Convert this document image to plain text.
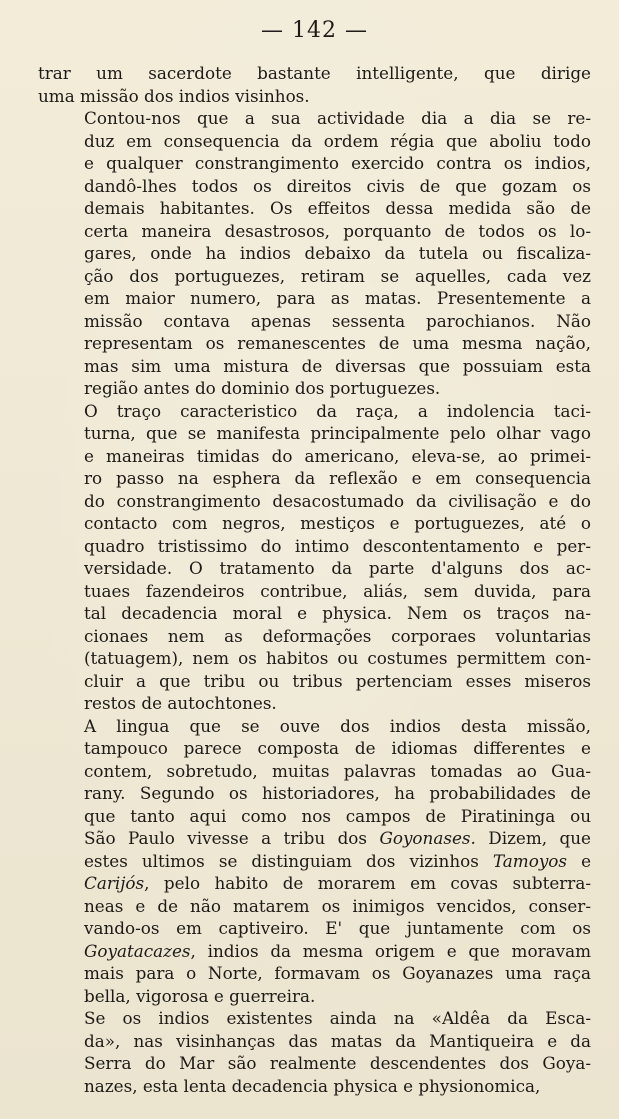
— 142 —
trar um sacerdote bastante intelligente, que dirige
uma missão dos indios visinhos.
Contou-nos que a sua actividade dia a dia se re-
duz em consequencia da ordem régia que aboliu todo
e qualquer constrangimento exercido contra os indios,
dandô-lhes todos os direitos civis de que gozam os
demais habitantes. Os effeitos dessa medida são de
certa maneira desastrosos, porquanto de todos os lo-
gares, onde ha indios debaixo da tutela ou fiscaliza-
ção dos portuguezes, retiram se aquelles, cada vez
em maior numero, para as matas. Presentemente a
missão contava apenas sessenta parochianos. Não
representam os remanescentes de uma mesma nação,
mas sim uma mistura de diversas que possuiam esta
região antes do dominio dos portuguezes.
O traço caracteristico da raça, a indolencia taci-
turna, que se manifesta principalmente pelo olhar vago
e maneiras timidas do americano, eleva-se, ao primei-
ro passo na esphera da reflexão e em consequencia
do constrangimento desacostumado da civilisação e do
contacto com negros, mestiços e portuguezes, até o
quadro tristissimo do intimo descontentamento e per-
versidade. O tratamento da parte d'alguns dos ac-
tuaes fazendeiros contribue, aliás, sem duvida, para
tal decadencia moral e physica. Nem os traços na-
cionaes nem as deformações corporaes voluntarias
(tatuagem), nem os habitos ou costumes permittem con-
cluir a que tribu ou tribus pertenciam esses miseros
restos de autochtones.
A lingua que se ouve dos indios desta missão,
tampouco parece composta de idiomas differentes e
contem, sobretudo, muitas palavras tomadas ao Gua-
rany. Segundo os historiadores, ha probabilidades de
que tanto aqui como nos campos de Piratininga ou
São Paulo vivesse a tribu dos Goyonases. Dizem, que
estes ultimos se distinguiam dos vizinhos Tamoyos e
Carijós, pelo habito de morarem em covas subterra-
neas e de não matarem os inimigos vencidos, conser-
vando-os em captiveiro. E' que juntamente com os
Goyatacazes, indios da mesma origem e que moravam
mais para o Norte, formavam os Goyanazes uma raça
bella, vigorosa e guerreira.
Se os indios existentes ainda na «Aldêa da Esca-
da», nas visinhanças das matas da Mantiqueira e da
Serra do Mar são realmente descendentes dos Goya-
nazes, esta lenta decadencia physica e physionomica,
